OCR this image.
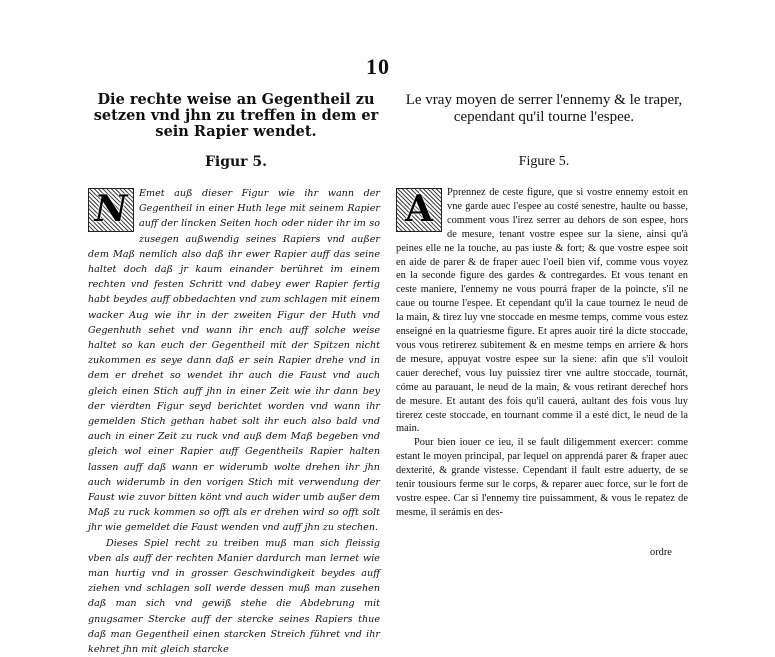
10

Die rechte weise an Gegentheil zu setzen vnd jhn zu treffen in dem er sein Rapier wendet.

Le vray moyen de serrer l'ennemy & le traper, cependant qu'il tourne l'espee.

Figur 5.	Figure 5.
N	Emet auß dieser Figur wie ihr wann der Gegentheil in einer Huth lege mit seinem Rapier auff der lincken Seiten hoch oder nider ihr im so zusegen außwendig seines Rapiers vnd außer dem Maß nemlich also daß ihr ewer Rapier auff das seine haltet doch daß jr kaum einander berühret im einem rechten vnd festen Schritt vnd dabey ewer Rapier fertig habt beydes auff obbedachten vnd zum schlagen mit einem wacker Aug wie ihr in der zweiten Figur der Huth vnd Gegenhuth sehet vnd wann ihr ench auff solche weise haltet so kan euch der Gegentheil mit der Spitzen nicht zukommen es seye dann daß er sein Rapier drehe vnd in dem er drehet so wendet ihr auch die Faust vnd auch gleich einen Stich auff jhn in einer Zeit wie ihr dann bey der vierdten Figur seyd berichtet worden vnd wann ihr gemelden Stich gethan habet solt ihr euch also bald vnd auch in einer Zeit zu ruck vnd auß dem Maß begeben vnd gleich wol einer Rapier auff Gegentheils Rapier halten lassen auff daß wann er widerumb wolte drehen ihr jhn auch widerumb in den vorigen Stich mit verwendung der Faust wie zuvor bitten könt vnd auch wider umb außer dem Maß zu ruck kommen so offt als er drehen wird so offt solt jhr wie gemeldet die Faust wenden vnd auff jhn zu stechen.

Dieses Spiel recht zu treiben muß man sich fleissig vben als auff der rechten Manier dardurch man lernet wie man hurtig vnd in grosser Geschwindigkeit beydes auff ziehen vnd schlagen soll werde dessen muß man zusehen daß man sich vnd gewiß stehe die Abdebrung mit gnugsamer Stercke auff der stercke seines Rapiers thue daß man Gegentheil einen starcken Streich führet vnd ihr kehret jhn mit gleich starcke

A	Pprennez de ceste figure, que si vostre ennemy estoit en vne garde auec l'espee au costé senestre, haulte ou basse, comment vous l'irez serrer au dehors de son espee, hors de mesure, tenant vostre espee sur la siene, ainsi qu'à peines elle ne la touche, au pas iuste & fort; & que vostre espee soit en aide de parer & de fraper auec l'oeil bien vif, comme vous voyez en la seconde figure des gardes & contregardes. Et vous tenant en ceste maniere, l'ennemy ne vous pourrá fraper de la poincte, s'il ne caue ou tourne l'espee. Et cependant qu'il la caue tournez le neud de la main, & tirez luy vne stoccade en mesme temps, comme vous estez enseigné en la quatriesme figure. Et apres auoir tiré la dicte stoccade, vous vous retirerez subitement & en mesme temps en arriere & hors de mesure, appuyat vostre espee sur la siene: afin que s'il vouloit cauer derechef, vous luy puissiez tirer vne aultre stoccade, tournát, cóme au parauant, le neud de la main, & vous retirant derechef hors de mesure. Et autant des fois qu'il cauerá, aultant des fois vous luy tirerez ceste stoccade, en tournant comme il a esté dict, le neud de la main.

Pour bien iouer ce ieu, il se fault diligemment exercer: comme estant le moyen principal, par lequel on apprendá parer & fraper auec dexterité, & grande vistesse. Cependant il fault estre aduerty, de se tenir tousiours ferme sur le corps, & reparer auec force, sur le fort de vostre espee. Car si l'ennemy tire puissamment, & vous le repatez de mesme, il serámis en des-

ordre
